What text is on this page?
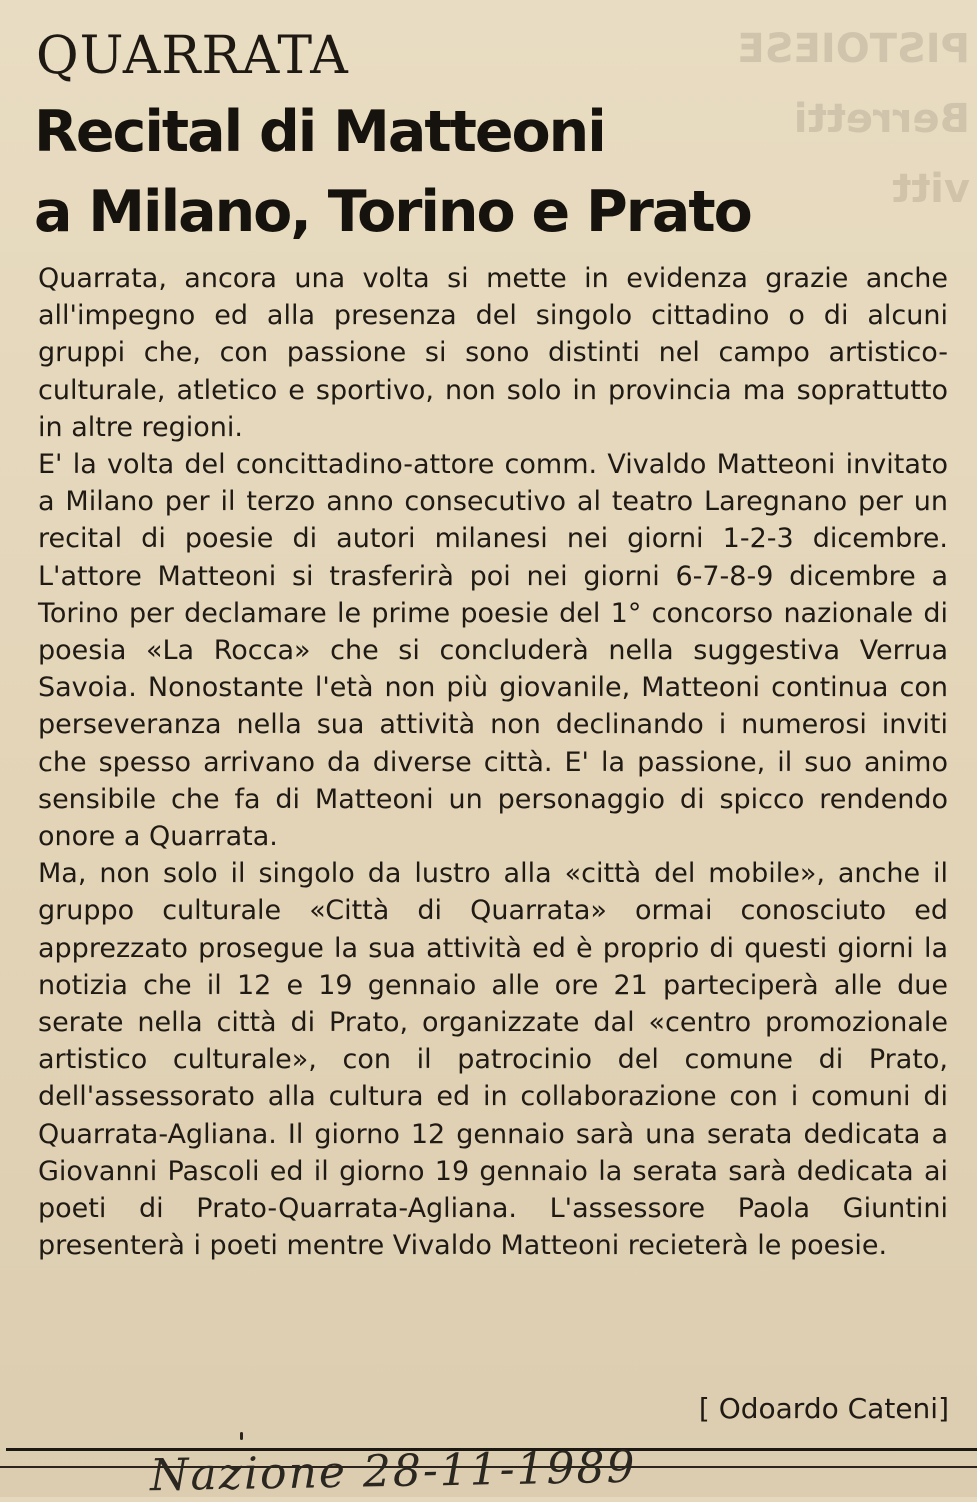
PISTOIESE
Berretti
vitt
QUARRATA
Recital di Matteoni
a Milano, Torino e Prato

Quarrata, ancora una volta si mette in evidenza grazie anche all'impegno ed alla presenza del singolo cittadino o di alcuni gruppi che, con passione si sono distinti nel campo artistico-culturale, atletico e sportivo, non solo in provincia ma soprattutto in altre regioni.

E' la volta del concittadino-attore comm. Vivaldo Matteoni invitato a Milano per il terzo anno consecutivo al teatro Laregnano per un recital di poesie di autori milanesi nei giorni 1-2-3 dicembre. L'attore Matteoni si trasferirà poi nei giorni 6-7-8-9 dicembre a Torino per declamare le prime poesie del 1° concorso nazionale di poesia «La Rocca» che si concluderà nella suggestiva Verrua Savoia. Nonostante l'età non più giovanile, Matteoni continua con perseveranza nella sua attività non declinando i numerosi inviti che spesso arrivano da diverse città. E' la passione, il suo animo sensibile che fa di Matteoni un personaggio di spicco rendendo onore a Quarrata.

Ma, non solo il singolo da lustro alla «città del mobile», anche il gruppo culturale «Città di Quarrata» ormai conosciuto ed apprezzato prosegue la sua attività ed è proprio di questi giorni la notizia che il 12 e 19 gennaio alle ore 21 parteciperà alle due serate nella città di Prato, organizzate dal «centro promozionale artistico culturale», con il patrocinio del comune di Prato, dell'assessorato alla cultura ed in collaborazione con i comuni di Quarrata-Agliana. Il giorno 12 gennaio sarà una serata dedicata a Giovanni Pascoli ed il giorno 19 gennaio la serata sarà dedicata ai poeti di Prato-Quarrata-Agliana. L'assessore Paola Giuntini presenterà i poeti mentre Vivaldo Matteoni recieterà le poesie.

[ Odoardo Cateni]
Nazione 28-11-1989
